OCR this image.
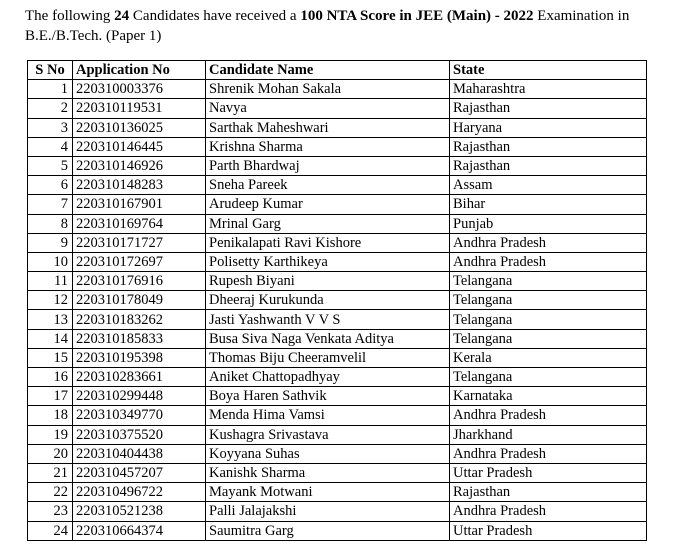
The following 24 Candidates have received a 100 NTA Score in JEE (Main) - 2022 Examination in B.E./B.Tech. (Paper 1)

S No	Application No	Candidate Name	State
1	220310003376	Shrenik Mohan Sakala	Maharashtra
2	220310119531	Navya	Rajasthan
3	220310136025	Sarthak Maheshwari	Haryana
4	220310146445	Krishna Sharma	Rajasthan
5	220310146926	Parth Bhardwaj	Rajasthan
6	220310148283	Sneha Pareek	Assam
7	220310167901	Arudeep Kumar	Bihar
8	220310169764	Mrinal Garg	Punjab
9	220310171727	Penikalapati Ravi Kishore	Andhra Pradesh
10	220310172697	Polisetty Karthikeya	Andhra Pradesh
11	220310176916	Rupesh Biyani	Telangana
12	220310178049	Dheeraj Kurukunda	Telangana
13	220310183262	Jasti Yashwanth V V S	Telangana
14	220310185833	Busa Siva Naga Venkata Aditya	Telangana
15	220310195398	Thomas Biju Cheeramvelil	Kerala
16	220310283661	Aniket Chattopadhyay	Telangana
17	220310299448	Boya Haren Sathvik	Karnataka
18	220310349770	Menda Hima Vamsi	Andhra Pradesh
19	220310375520	Kushagra Srivastava	Jharkhand
20	220310404438	Koyyana Suhas	Andhra Pradesh
21	220310457207	Kanishk Sharma	Uttar Pradesh
22	220310496722	Mayank Motwani	Rajasthan
23	220310521238	Palli Jalajakshi	Andhra Pradesh
24	220310664374	Saumitra Garg	Uttar Pradesh
